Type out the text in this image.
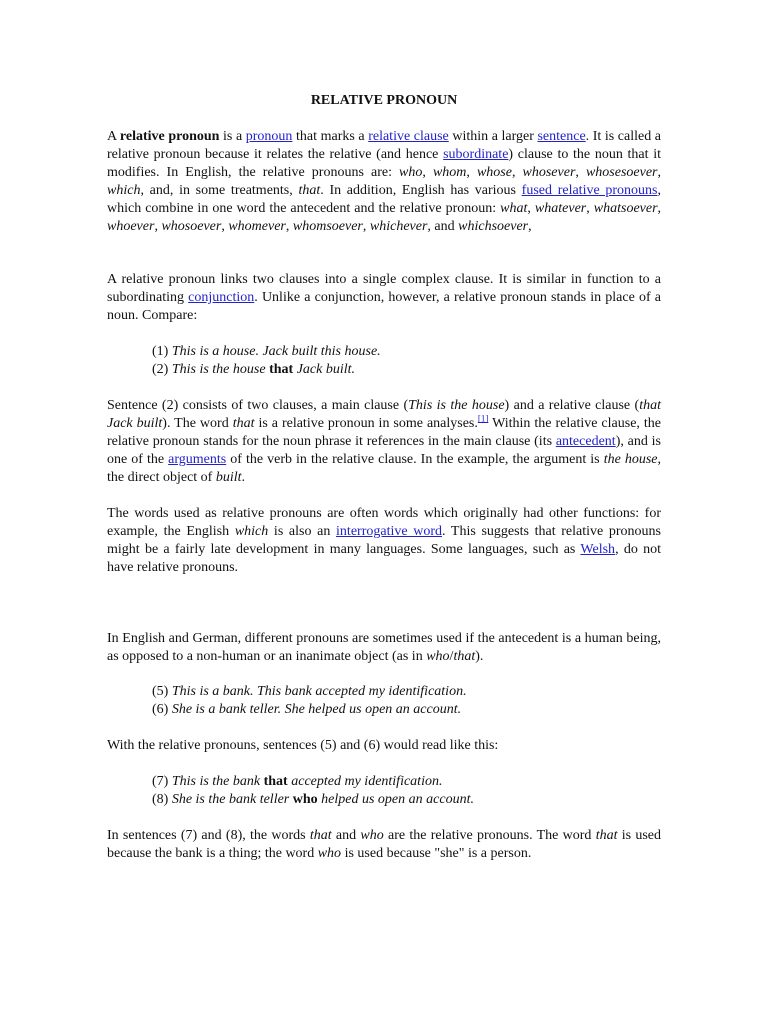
RELATIVE PRONOUN

A relative pronoun is a pronoun that marks a relative clause within a larger sentence. It is called a relative pronoun because it relates the relative (and hence subordinate) clause to the noun that it modifies. In English, the relative pronouns are: who, whom, whose, whosever, whosesoever, which, and, in some treatments, that. In addition, English has various fused relative pronouns, which combine in one word the antecedent and the relative pronoun: what, whatever, whatsoever, whoever, whosoever, whomever, whomsoever, whichever, and whichsoever,

A relative pronoun links two clauses into a single complex clause. It is similar in function to a subordinating conjunction. Unlike a conjunction, however, a relative pronoun stands in place of a noun. Compare:

(1) This is a house. Jack built this house.

(2) This is the house that Jack built.

Sentence (2) consists of two clauses, a main clause (This is the house) and a relative clause (that Jack built). The word that is a relative pronoun in some analyses.[1] Within the relative clause, the relative pronoun stands for the noun phrase it references in the main clause (its antecedent), and is one of the arguments of the verb in the relative clause. In the example, the argument is the house, the direct object of built.

The words used as relative pronouns are often words which originally had other functions: for example, the English which is also an interrogative word. This suggests that relative pronouns might be a fairly late development in many languages. Some languages, such as Welsh, do not have relative pronouns.

In English and German, different pronouns are sometimes used if the antecedent is a human being, as opposed to a non-human or an inanimate object (as in who/that).

(5) This is a bank. This bank accepted my identification.

(6) She is a bank teller. She helped us open an account.

With the relative pronouns, sentences (5) and (6) would read like this:

(7) This is the bank that accepted my identification.

(8) She is the bank teller who helped us open an account.

In sentences (7) and (8), the words that and who are the relative pronouns. The word that is used because the bank is a thing; the word who is used because "she" is a person.
